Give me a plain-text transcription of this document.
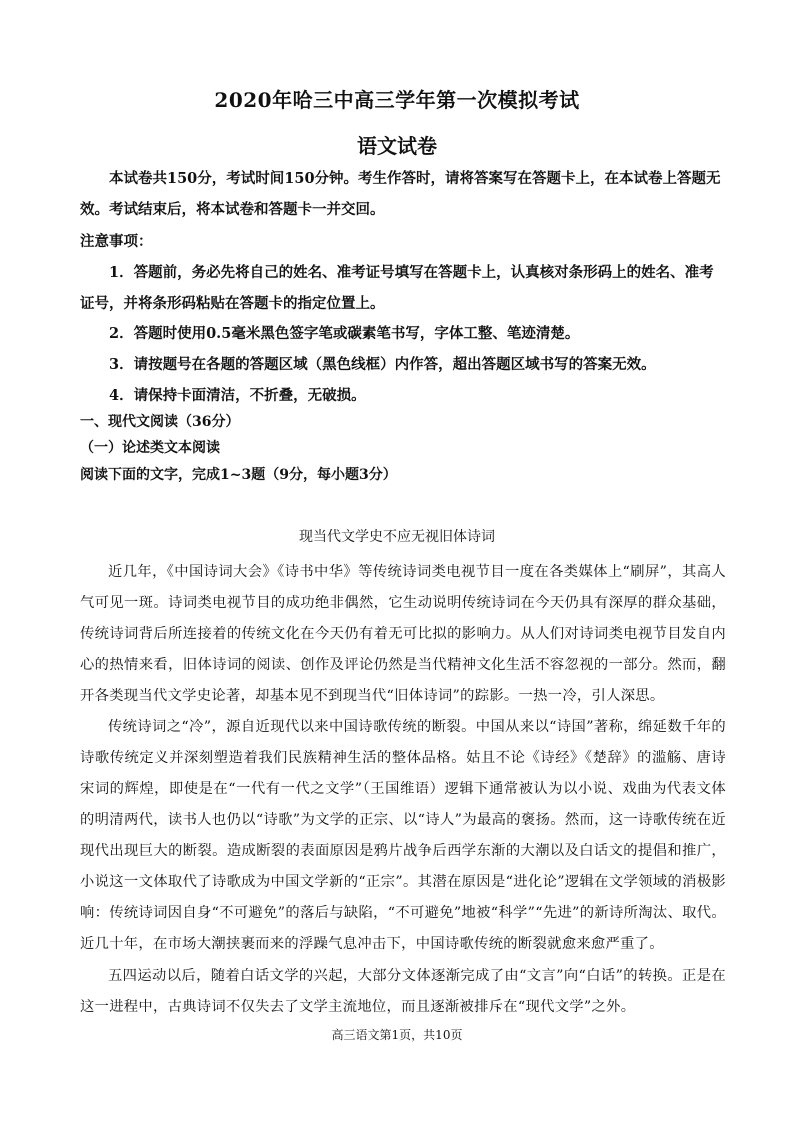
2020年哈三中高三学年第一次模拟考试
语文试卷
本试卷共150分，考试时间150分钟。考生作答时，请将答案写在答题卡上，在本试卷上答题无效。考试结束后，将本试卷和答题卡一并交回。
注意事项：
1．答题前，务必先将自己的姓名、准考证号填写在答题卡上，认真核对条形码上的姓名、准考证号，并将条形码粘贴在答题卡的指定位置上。
2．答题时使用0.5毫米黑色签字笔或碳素笔书写，字体工整、笔迹清楚。
3．请按题号在各题的答题区域（黑色线框）内作答，超出答题区域书写的答案无效。
4．请保持卡面清洁，不折叠，无破损。
一、现代文阅读（36分）
（一）论述类文本阅读
阅读下面的文字，完成1~3题（9分，每小题3分）
现当代文学史不应无视旧体诗词
近几年，《中国诗词大会》《诗书中华》等传统诗词类电视节目一度在各类媒体上“刷屏”，其高人气可见一斑。诗词类电视节目的成功绝非偶然，它生动说明传统诗词在今天仍具有深厚的群众基础，传统诗词背后所连接着的传统文化在今天仍有着无可比拟的影响力。从人们对诗词类电视节目发自内心的热情来看，旧体诗词的阅读、创作及评论仍然是当代精神文化生活不容忽视的一部分。然而，翻开各类现当代文学史论著，却基本见不到现当代“旧体诗词”的踪影。一热一冷，引人深思。
传统诗词之“冷”，源自近现代以来中国诗歌传统的断裂。中国从来以“诗国”著称，绵延数千年的诗歌传统定义并深刻塑造着我们民族精神生活的整体品格。姑且不论《诗经》《楚辞》的滥觞、唐诗宋词的辉煌，即使是在“一代有一代之文学”（王国维语）逻辑下通常被认为以小说、戏曲为代表文体的明清两代，读书人也仍以“诗歌”为文学的正宗、以“诗人”为最高的褒扬。然而，这一诗歌传统在近现代出现巨大的断裂。造成断裂的表面原因是鸦片战争后西学东渐的大潮以及白话文的提倡和推广，小说这一文体取代了诗歌成为中国文学新的“正宗”。其潜在原因是“进化论”逻辑在文学领域的消极影响：传统诗词因自身“不可避免”的落后与缺陷，“不可避免”地被“科学”“先进”的新诗所淘汰、取代。近几十年，在市场大潮挟裹而来的浮躁气息冲击下，中国诗歌传统的断裂就愈来愈严重了。
五四运动以后，随着白话文学的兴起，大部分文体逐渐完成了由“文言”向“白话”的转换。正是在这一进程中，古典诗词不仅失去了文学主流地位，而且逐渐被排斥在“现代文学”之外。
高三语文第1页，共10页
